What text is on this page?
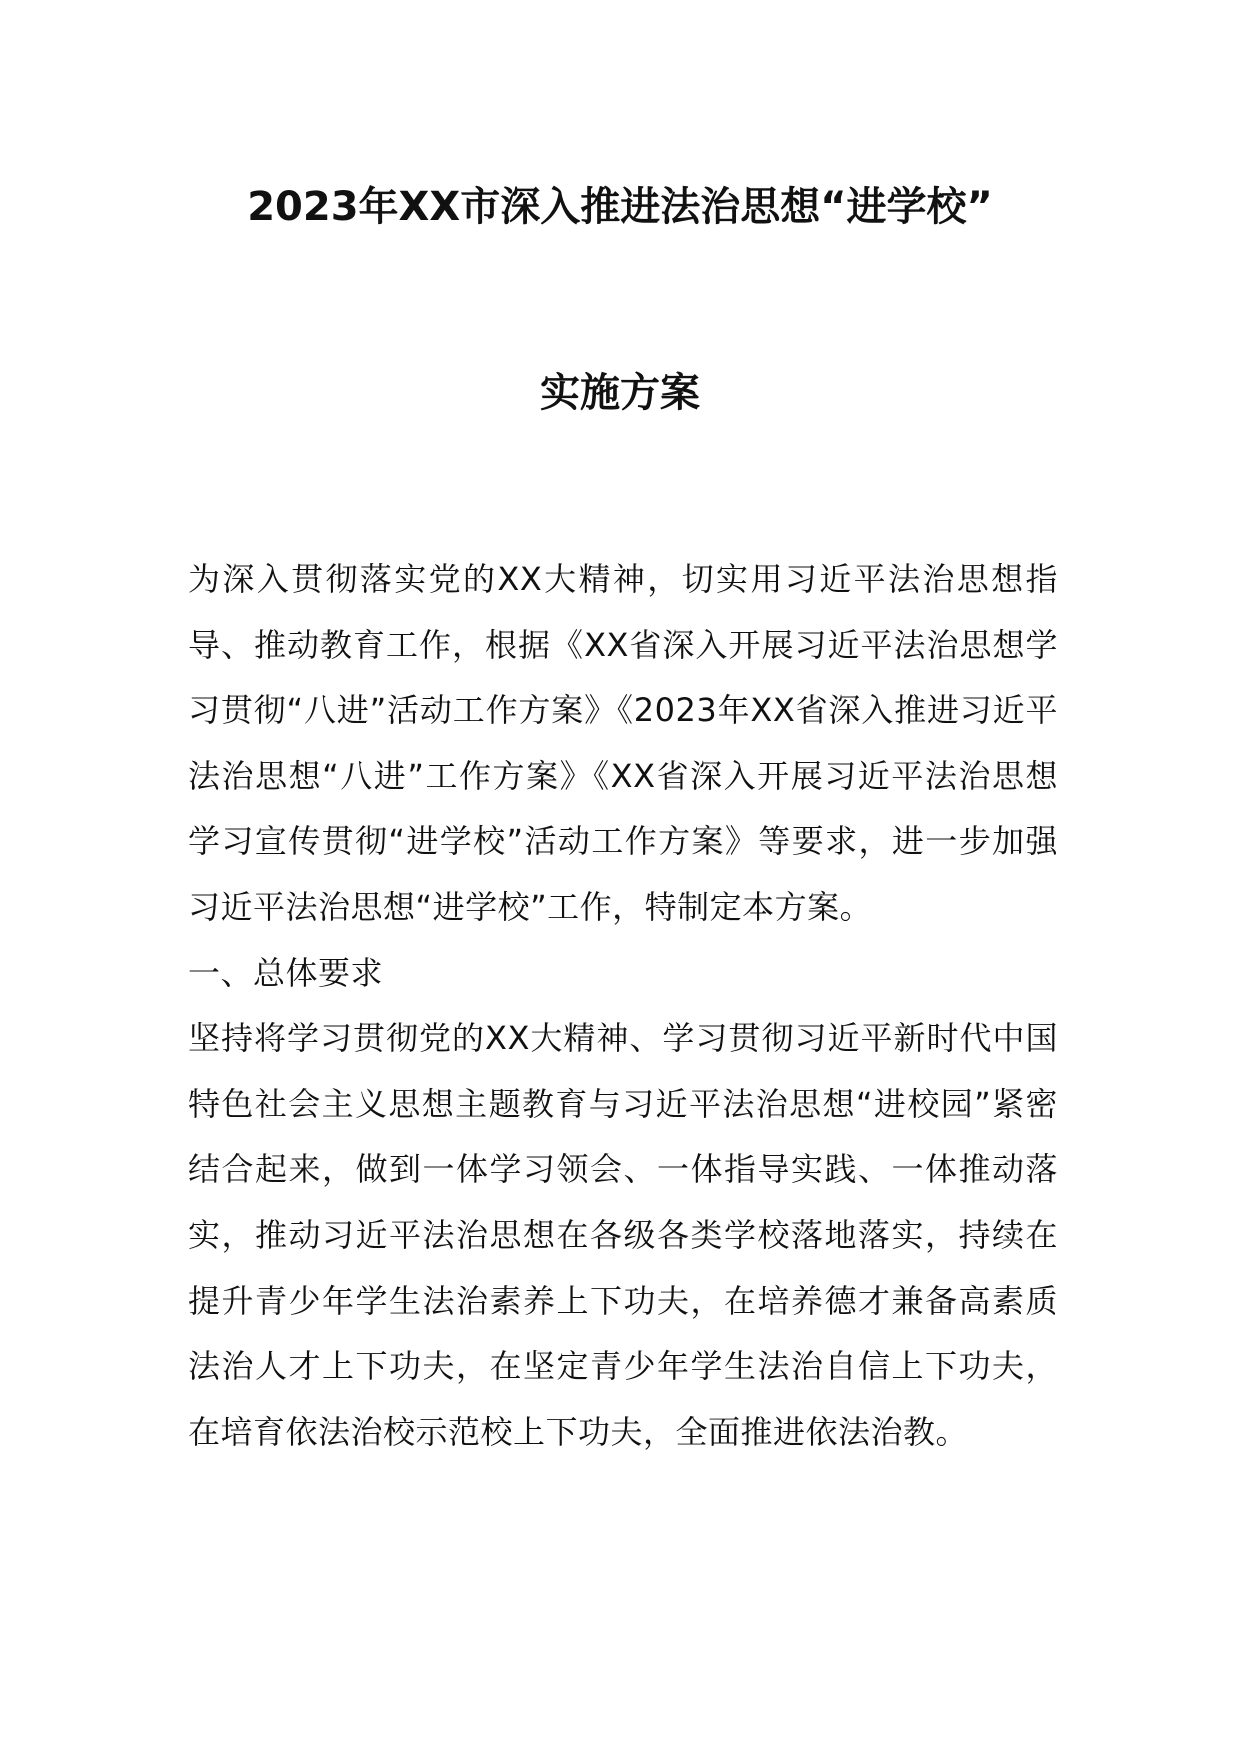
2023年XX市深入推进法治思想“进学校”
实施方案

为深入贯彻落实党的XX大精神，切实用习近平法治思想指导、推动教育工作，根据《XX省深入开展习近平法治思想学习贯彻“八进”活动工作方案》《2023年XX省深入推进习近平法治思想“八进”工作方案》《XX省深入开展习近平法治思想学习宣传贯彻“进学校”活动工作方案》等要求，进一步加强习近平法治思想“进学校”工作，特制定本方案。

一、总体要求

坚持将学习贯彻党的XX大精神、学习贯彻习近平新时代中国特色社会主义思想主题教育与习近平法治思想“进校园”紧密结合起来，做到一体学习领会、一体指导实践、一体推动落实，推动习近平法治思想在各级各类学校落地落实，持续在提升青少年学生法治素养上下功夫，在培养德才兼备高素质法治人才上下功夫，在坚定青少年学生法治自信上下功夫，在培育依法治校示范校上下功夫，全面推进依法治教。
